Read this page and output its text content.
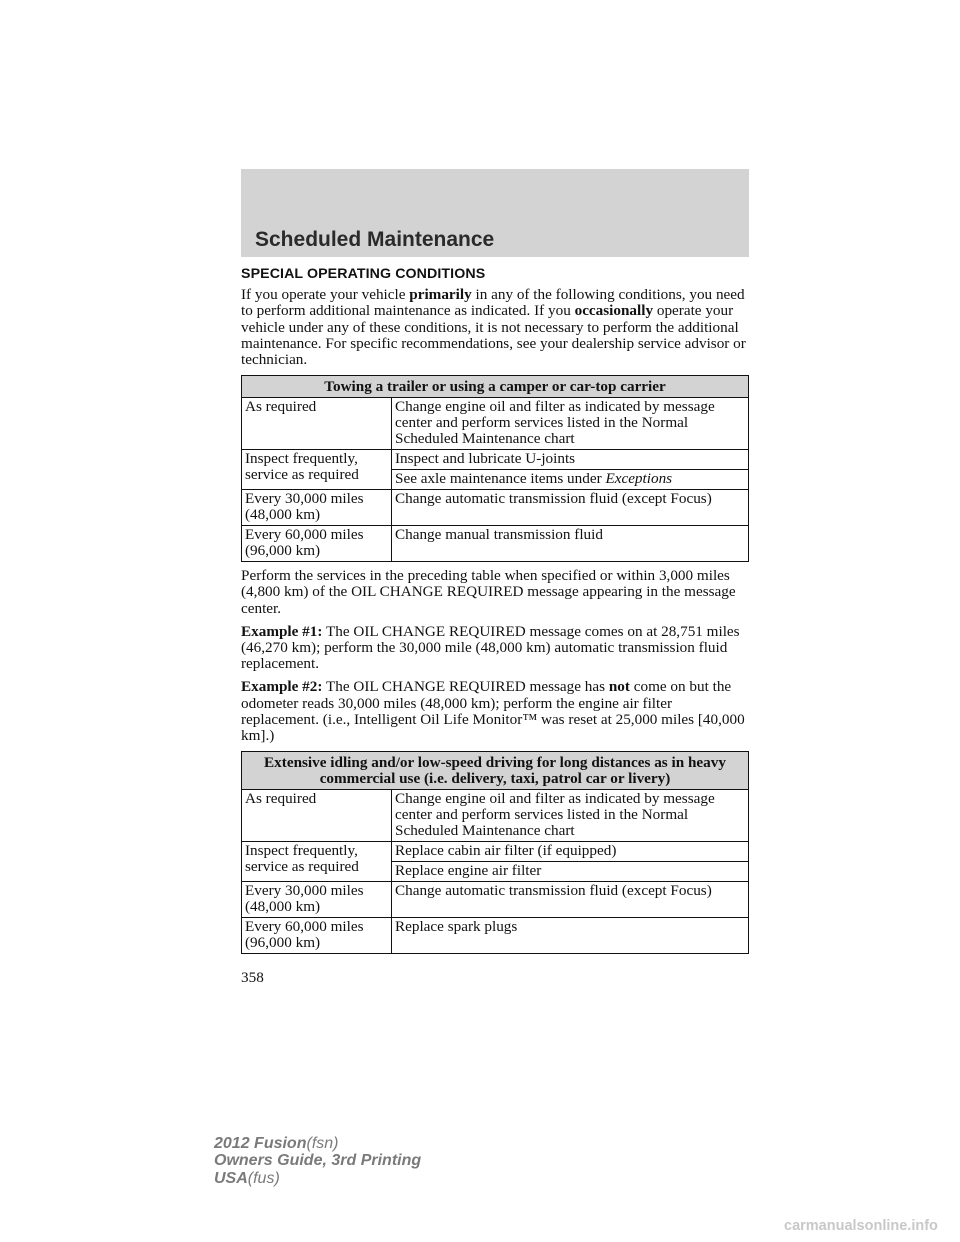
Scheduled Maintenance
SPECIAL OPERATING CONDITIONS

If you operate your vehicle primarily in any of the following conditions, you need to perform additional maintenance as indicated. If you occasionally operate your vehicle under any of these conditions, it is not necessary to perform the additional maintenance. For specific recommendations, see your dealership service advisor or technician.

Towing a trailer or using a camper or car-top carrier	
As required	Change engine oil and filter as indicated by message center and perform services listed in the Normal Scheduled Maintenance chart
Inspect frequently, service as required	Inspect and lubricate U-joints
	See axle maintenance items under Exceptions
Every 30,000 miles (48,000 km)	Change automatic transmission fluid (except Focus)
Every 60,000 miles (96,000 km)	Change manual transmission fluid

Perform the services in the preceding table when specified or within 3,000 miles (4,800 km) of the OIL CHANGE REQUIRED message appearing in the message center.

Example #1: The OIL CHANGE REQUIRED message comes on at 28,751 miles (46,270 km); perform the 30,000 mile (48,000 km) automatic transmission fluid replacement.

Example #2: The OIL CHANGE REQUIRED message has not come on but the odometer reads 30,000 miles (48,000 km); perform the engine air filter replacement. (i.e., Intelligent Oil Life Monitor™ was reset at 25,000 miles [40,000 km].)

Extensive idling and/or low-speed driving for long distances as in heavy commercial use (i.e. delivery, taxi, patrol car or livery)	
As required	Change engine oil and filter as indicated by message center and perform services listed in the Normal Scheduled Maintenance chart
Inspect frequently, service as required	Replace cabin air filter (if equipped)
	Replace engine air filter
Every 30,000 miles (48,000 km)	Change automatic transmission fluid (except Focus)
Every 60,000 miles (96,000 km)	Replace spark plugs
358
2012 Fusion(fsn)
Owners Guide, 3rd Printing
USA(fus)
carmanualsonline.info
